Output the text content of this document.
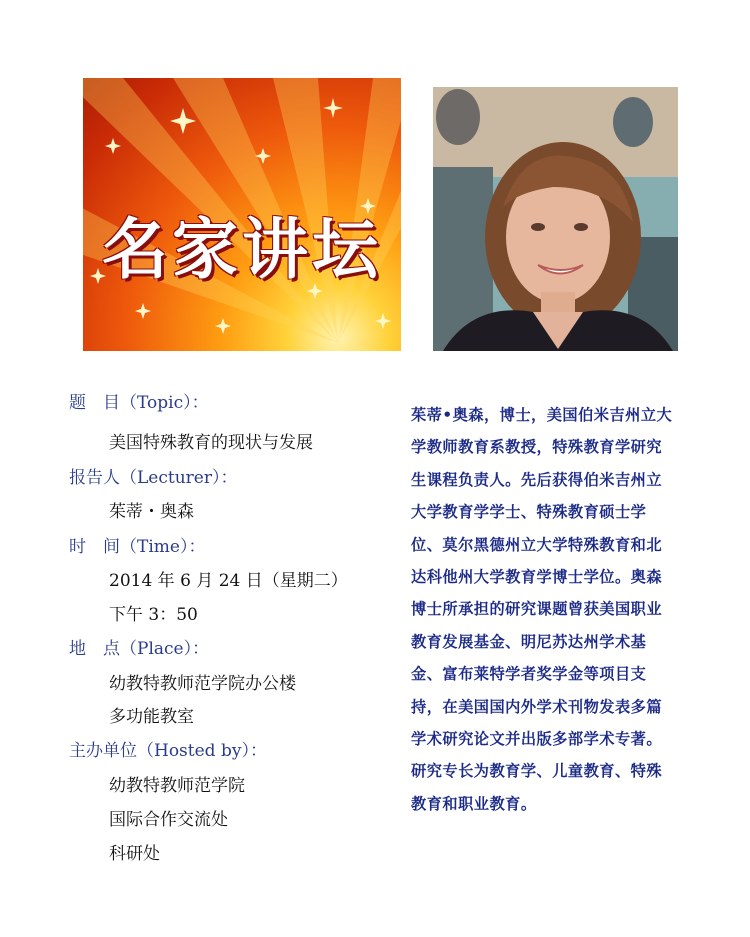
名家讲坛
题　目（Topic）：
美国特殊教育的现状与发展
报告人（Lecturer）：
茱蒂・奥森
时　间（Time）：
2014 年 6 月 24 日（星期二）
下午 3：50
地　点（Place）：
幼教特教师范学院办公楼
多功能教室
主办单位（Hosted by）：
幼教特教师范学院
国际合作交流处
科研处
茱蒂•奥森，博士，美国伯米吉州立大学教师教育系教授，特殊教育学研究生课程负责人。先后获得伯米吉州立大学教育学学士、特殊教育硕士学位、莫尔黑德州立大学特殊教育和北达科他州大学教育学博士学位。奥森博士所承担的研究课题曾获美国职业教育发展基金、明尼苏达州学术基金、富布莱特学者奖学金等项目支持，在美国国内外学术刊物发表多篇学术研究论文并出版多部学术专著。研究专长为教育学、儿童教育、特殊教育和职业教育。
